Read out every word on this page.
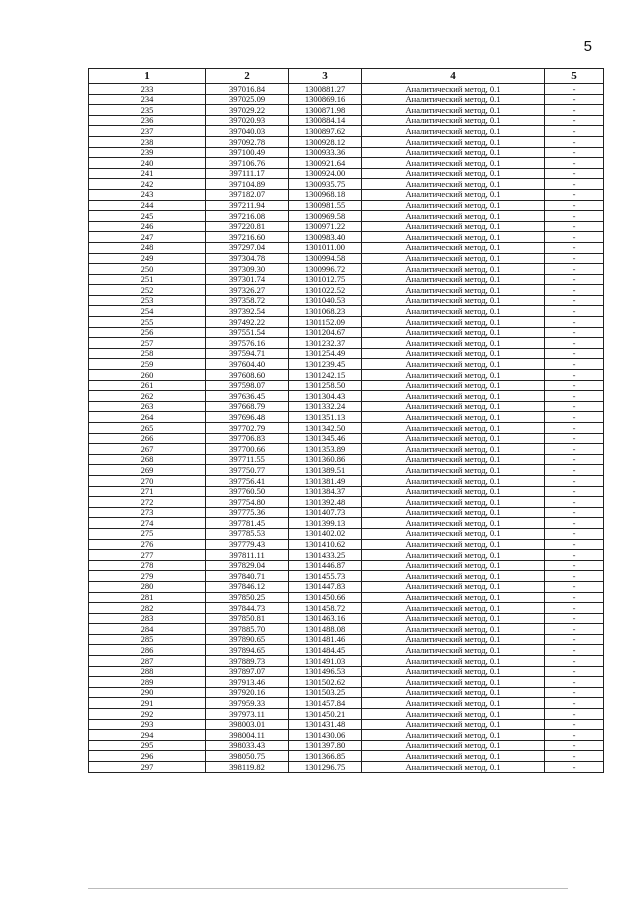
5
1	2	3	4	5
233	397016.84	1300881.27	Аналитический метод, 0.1	-
234	397025.09	1300869.16	Аналитический метод, 0.1	-
235	397029.22	1300871.98	Аналитический метод, 0.1	-
236	397020.93	1300884.14	Аналитический метод, 0.1	-
237	397040.03	1300897.62	Аналитический метод, 0.1	-
238	397092.78	1300928.12	Аналитический метод, 0.1	-
239	397100.49	1300933.36	Аналитический метод, 0.1	-
240	397106.76	1300921.64	Аналитический метод, 0.1	-
241	397111.17	1300924.00	Аналитический метод, 0.1	-
242	397104.89	1300935.75	Аналитический метод, 0.1	-
243	397182.07	1300968.18	Аналитический метод, 0.1	-
244	397211.94	1300981.55	Аналитический метод, 0.1	-
245	397216.08	1300969.58	Аналитический метод, 0.1	-
246	397220.81	1300971.22	Аналитический метод, 0.1	-
247	397216.60	1300983.40	Аналитический метод, 0.1	-
248	397297.04	1301011.00	Аналитический метод, 0.1	-
249	397304.78	1300994.58	Аналитический метод, 0.1	-
250	397309.30	1300996.72	Аналитический метод, 0.1	-
251	397301.74	1301012.75	Аналитический метод, 0.1	-
252	397326.27	1301022.52	Аналитический метод, 0.1	-
253	397358.72	1301040.53	Аналитический метод, 0.1	-
254	397392.54	1301068.23	Аналитический метод, 0.1	-
255	397492.22	1301152.09	Аналитический метод, 0.1	-
256	397551.54	1301204.67	Аналитический метод, 0.1	-
257	397576.16	1301232.37	Аналитический метод, 0.1	-
258	397594.71	1301254.49	Аналитический метод, 0.1	-
259	397604.40	1301239.45	Аналитический метод, 0.1	-
260	397608.60	1301242.15	Аналитический метод, 0.1	-
261	397598.07	1301258.50	Аналитический метод, 0.1	-
262	397636.45	1301304.43	Аналитический метод, 0.1	-
263	397668.79	1301332.24	Аналитический метод, 0.1	-
264	397696.48	1301351.13	Аналитический метод, 0.1	-
265	397702.79	1301342.50	Аналитический метод, 0.1	-
266	397706.83	1301345.46	Аналитический метод, 0.1	-
267	397700.66	1301353.89	Аналитический метод, 0.1	-
268	397711.55	1301360.86	Аналитический метод, 0.1	-
269	397750.77	1301389.51	Аналитический метод, 0.1	-
270	397756.41	1301381.49	Аналитический метод, 0.1	-
271	397760.50	1301384.37	Аналитический метод, 0.1	-
272	397754.80	1301392.48	Аналитический метод, 0.1	-
273	397775.36	1301407.73	Аналитический метод, 0.1	-
274	397781.45	1301399.13	Аналитический метод, 0.1	-
275	397785.53	1301402.02	Аналитический метод, 0.1	-
276	397779.43	1301410.62	Аналитический метод, 0.1	-
277	397811.11	1301433.25	Аналитический метод, 0.1	-
278	397829.04	1301446.87	Аналитический метод, 0.1	-
279	397840.71	1301455.73	Аналитический метод, 0.1	-
280	397846.12	1301447.83	Аналитический метод, 0.1	-
281	397850.25	1301450.66	Аналитический метод, 0.1	-
282	397844.73	1301458.72	Аналитический метод, 0.1	-
283	397850.81	1301463.16	Аналитический метод, 0.1	-
284	397885.70	1301488.08	Аналитический метод, 0.1	-
285	397890.65	1301481.46	Аналитический метод, 0.1	-
286	397894.65	1301484.45	Аналитический метод, 0.1	-
287	397889.73	1301491.03	Аналитический метод, 0.1	-
288	397897.07	1301496.53	Аналитический метод, 0.1	-
289	397913.46	1301502.62	Аналитический метод, 0.1	-
290	397920.16	1301503.25	Аналитический метод, 0.1	-
291	397959.33	1301457.84	Аналитический метод, 0.1	-
292	397973.11	1301450.21	Аналитический метод, 0.1	-
293	398003.01	1301431.48	Аналитический метод, 0.1	-
294	398004.11	1301430.06	Аналитический метод, 0.1	-
295	398033.43	1301397.80	Аналитический метод, 0.1	-
296	398050.75	1301366.85	Аналитический метод, 0.1	-
297	398119.82	1301296.75	Аналитический метод, 0.1	-
